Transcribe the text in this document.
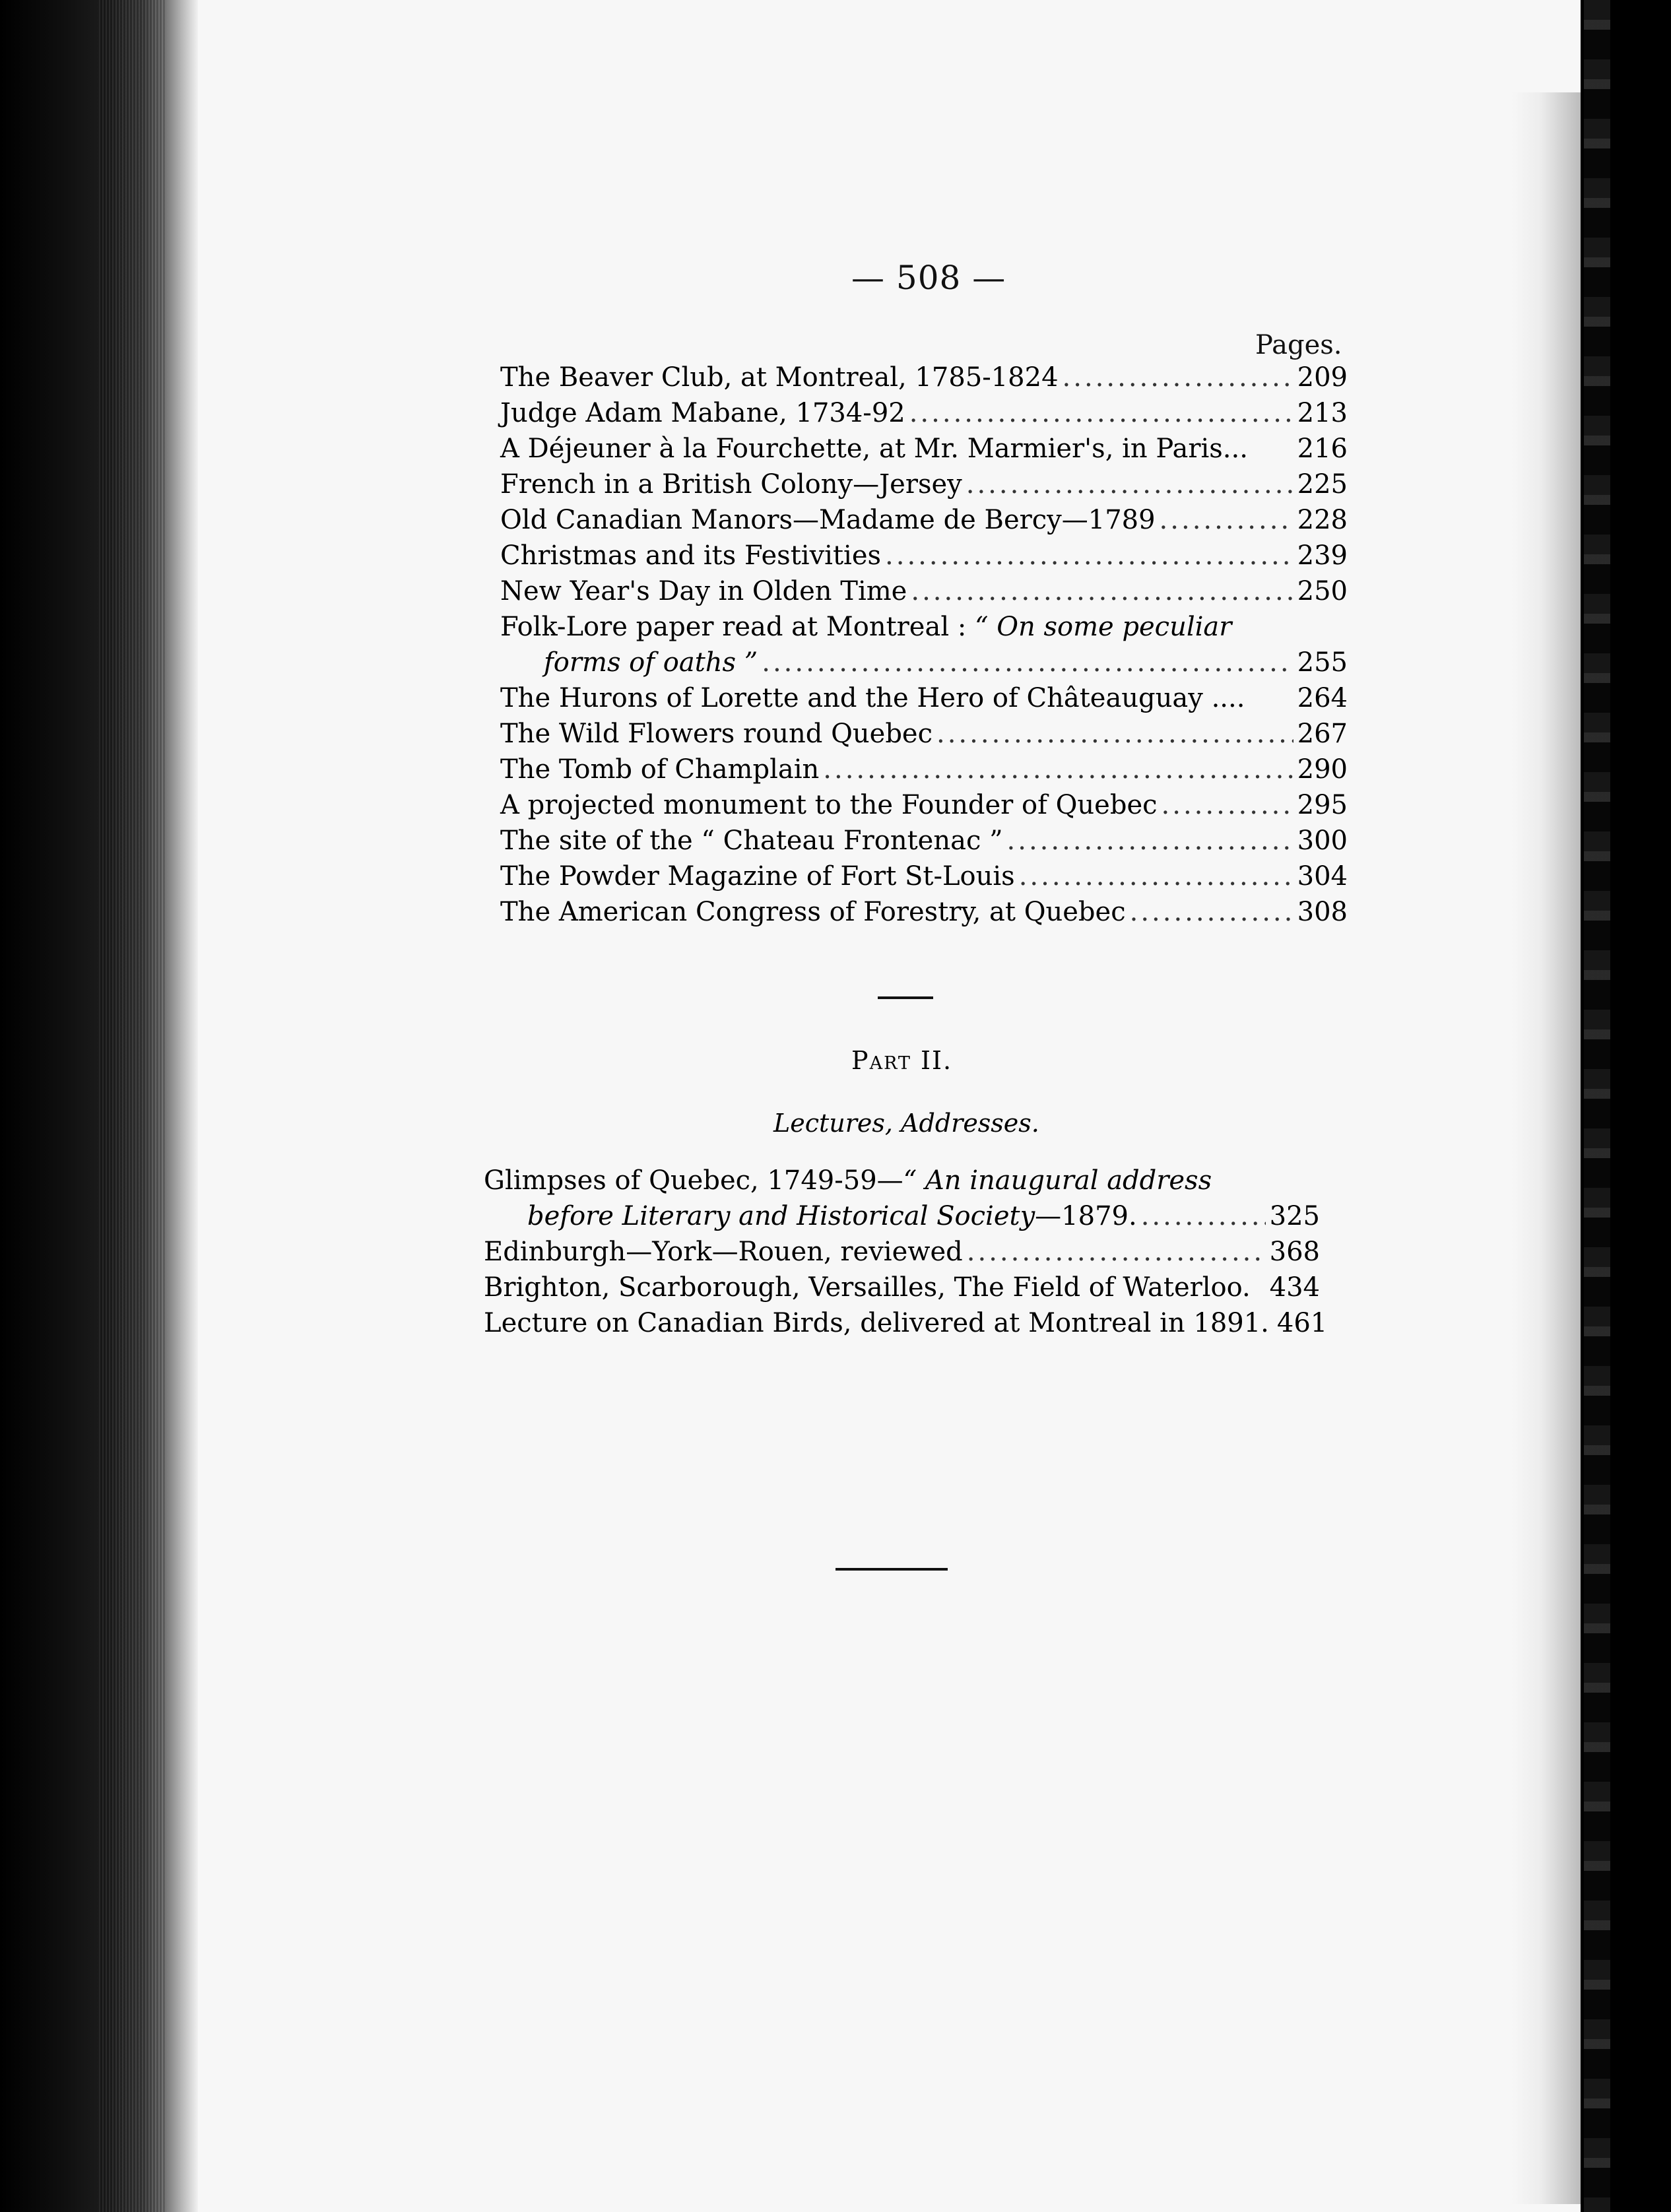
— 508 —
Pages.
The Beaver Club, at Montreal, 1785-1824 .....	209
Judge Adam Mabane, 1734-92 .....	213
A Déjeuner à la Fourchette, at Mr. Marmier's, in Paris... 216
French in a British Colony—Jersey .....	225
Old Canadian Manors—Madame de Bercy—1789 .....	228
Christmas and its Festivities .....	239
New Year's Day in Olden Time .....	250
Folk-Lore paper read at Montreal : “ On some peculiar
forms of oaths ” .....	255
The Hurons of Lorette and the Hero of Châteauguay .... 264
The Wild Flowers round Quebec .....	267
The Tomb of Champlain .....	290
A projected monument to the Founder of Quebec .....	295
The site of the “ Chateau Frontenac ” .....	300
The Powder Magazine of Fort St-Louis .....	304
The American Congress of Forestry, at Quebec .....	308
Part II.
Lectures, Addresses.
Glimpses of Quebec, 1749-59—“ An inaugural address
before Literary and Historical Society—1879. .....	325
Edinburgh—York—Rouen, reviewed .....	368
Brighton, Scarborough, Versailles, The Field of Waterloo. 434
Lecture on Canadian Birds, delivered at Montreal in 1891. 461
